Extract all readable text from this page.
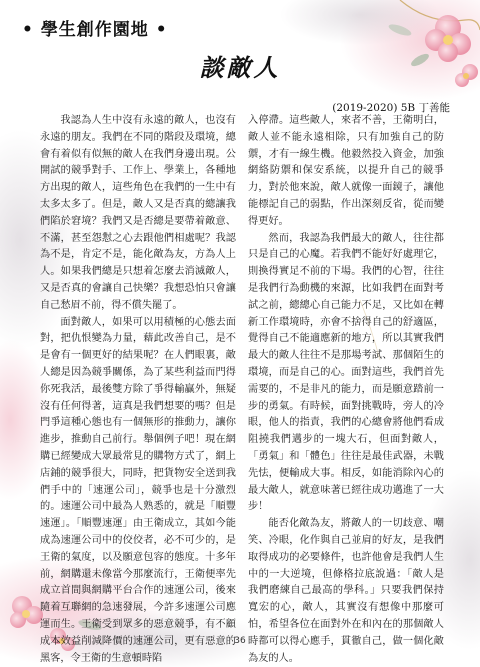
• 學生創作園地 •
談敵人
(2019-2020) 5B 丁善能

我認為人生中沒有永遠的敵人，也沒有永遠的朋友。我們在不同的階段及環境，總會有着似有似無的敵人在我們身邊出現。公開試的競爭對手、工作上、學業上，各種地方出現的敵人，這些角色在我們的一生中有太多太多了。但是，敵人又是否真的總讓我們陷於窘境？我們又是否總是要帶着敵意、不滿，甚至怨懟之心去跟他們相處呢？我認為不是，肯定不是，能化敵為友，方為人上人。如果我們總是只想着怎麼去消滅敵人，又是否真的會讓自己快樂？我想恐怕只會讓自己愁眉不前，得不償失罷了。

面對敵人，如果可以用積極的心態去面對，把仇恨變為力量，藉此改善自己，是不是會有一個更好的結果呢？在人們眼裏，敵人總是因為競爭關係，為了某些利益而門得你死我活，最後雙方除了爭得輸贏外，無疑沒有任何得著，這真是我們想要的嗎？但是門爭這種心態也有一個無形的推動力，讓你進步，推動自己前行。舉個例子吧！現在網購已經變成大眾最常見的購物方式了，網上店鋪的競爭很大，同時，把貨物安全送到我們手中的「速運公司」，競爭也是十分激烈的。速運公司中最為人熟悉的，就是「順豐速運」。「順豐速運」由王衛成立，其如今能成為速運公司中的佼佼者，必不可少的，是王衛的氣度，以及願意包容的態度。十多年前，網購還未像當今那麼流行，王衛便率先成立首間與網購平台合作的速運公司，後來隨着互聯網的急速發展，今許多速運公司應運而生。王衛受到眾多的惡意競爭，有不顧成本效益削減降價的速運公司，更有惡意的黑客，令王衛的生意頓時陷

入停滯。這些敵人，來者不善，王衛明白，敵人並不能永遠相除，只有加強自己的防禦，才有一線生機。他毅然投入資金，加強網絡防禦和保安系統，以提升自己的競爭力，對於他來說，敵人就像一面鏡子，讓他能標記自己的弱點，作出深刻反省，從而變得更好。

然而，我認為我們最大的敵人，往往都只是自己的心魔。若我們不能好好處理它，則換得實足不前的下場。我們的心智，往往是我們行為動機的來源，比如我們在面對考試之前，總總心自己能力不足，又比如在轉新工作環境時，亦會不捨得自己的舒適區，覺得自己不能適應新的地方，所以其實我們最大的敵人往往不是那場考試、那個陌生的環境，而是自己的心。面對這些，我們首先需要的，不是非凡的能力，而是願意踏前一步的勇氣。有時候，面對挑戰時，旁人的冷眼，他人的指責，我們的心總會將他們看成阻撓我們邁步的一塊大石，但面對敵人，「勇氣」和「體色」往往是最佳武器，未戰先怯，便輸成大事。相反，如能消除內心的最大敵人，就意味著已經往成功邁進了一大步！

能否化敵為友，將敵人的一切歧意、嘲笑、冷眼，化作與自己並肩的好友，是我們取得成功的必要條件，也許他會是我們人生中的一大逆境，但條格拉底說過：「敵人是我們磨練自己最高的學科。」只要我們保持寬宏的心，敵人，其實沒有想像中那麼可怕，希望各位在面對外在和內在的那個敵人時都可以得心應手，貫徹自己，做一個化敵為友的人。

36
